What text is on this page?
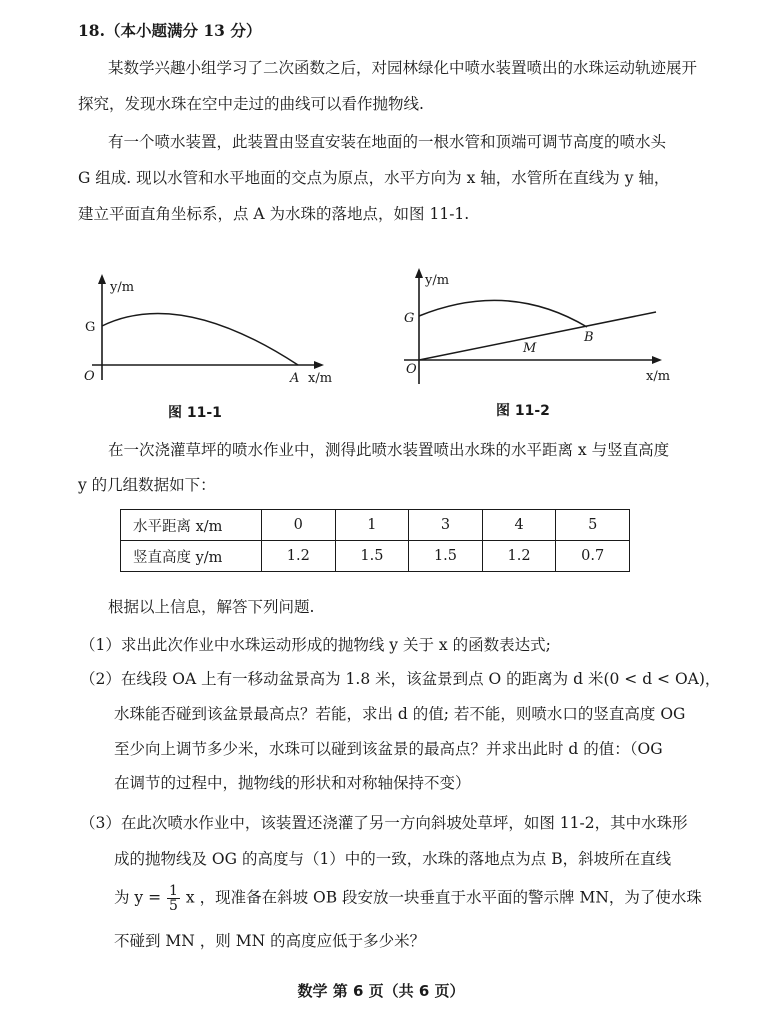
18.（本小题满分 13 分）
某数学兴趣小组学习了二次函数之后，对园林绿化中喷水装置喷出的水珠运动轨迹展开
探究，发现水珠在空中走过的曲线可以看作抛物线.
有一个喷水装置，此装置由竖直安装在地面的一根水管和顶端可调节高度的喷水头
G 组成. 现以水管和水平地面的交点为原点，水平方向为 x 轴，水管所在直线为 y 轴，
建立平面直角坐标系，点 A 为水珠的落地点，如图 11-1.
y/m
G
O	A x/m
图 11-1
y/m
G
B
M
O	x/m
图 11-2
在一次浇灌草坪的喷水作业中，测得此喷水装置喷出水珠的水平距离 x 与竖直高度
y 的几组数据如下：
水平距离 x/m	0	1	3	4	5
竖直高度 y/m	1.2	1.5	1.5	1.2	0.7
根据以上信息，解答下列问题.
（1）求出此次作业中水珠运动形成的抛物线 y 关于 x 的函数表达式;
（2）在线段 OA 上有一移动盆景高为 1.8 米，该盆景到点 O 的距离为 d 米(0 < d < OA)，
水珠能否碰到该盆景最高点？若能，求出 d 的值; 若不能，则喷水口的竖直高度 OG
至少向上调节多少米，水珠可以碰到该盆景的最高点？并求出此时 d 的值：（OG
在调节的过程中，抛物线的形状和对称轴保持不变）
（3）在此次喷水作业中，该装置还浇灌了另一方向斜坡处草坪，如图 11-2，其中水珠形
成的抛物线及 OG 的高度与（1）中的一致，水珠的落地点为点 B，斜坡所在直线
为 $y = \frac{1}{5}$ x ，现准备在斜坡 OB 段安放一块垂直于水平面的警示牌 MN，为了使水珠
不碰到 MN ，则 MN 的高度应低于多少米？
数学 第 6 页（共 6 页）
